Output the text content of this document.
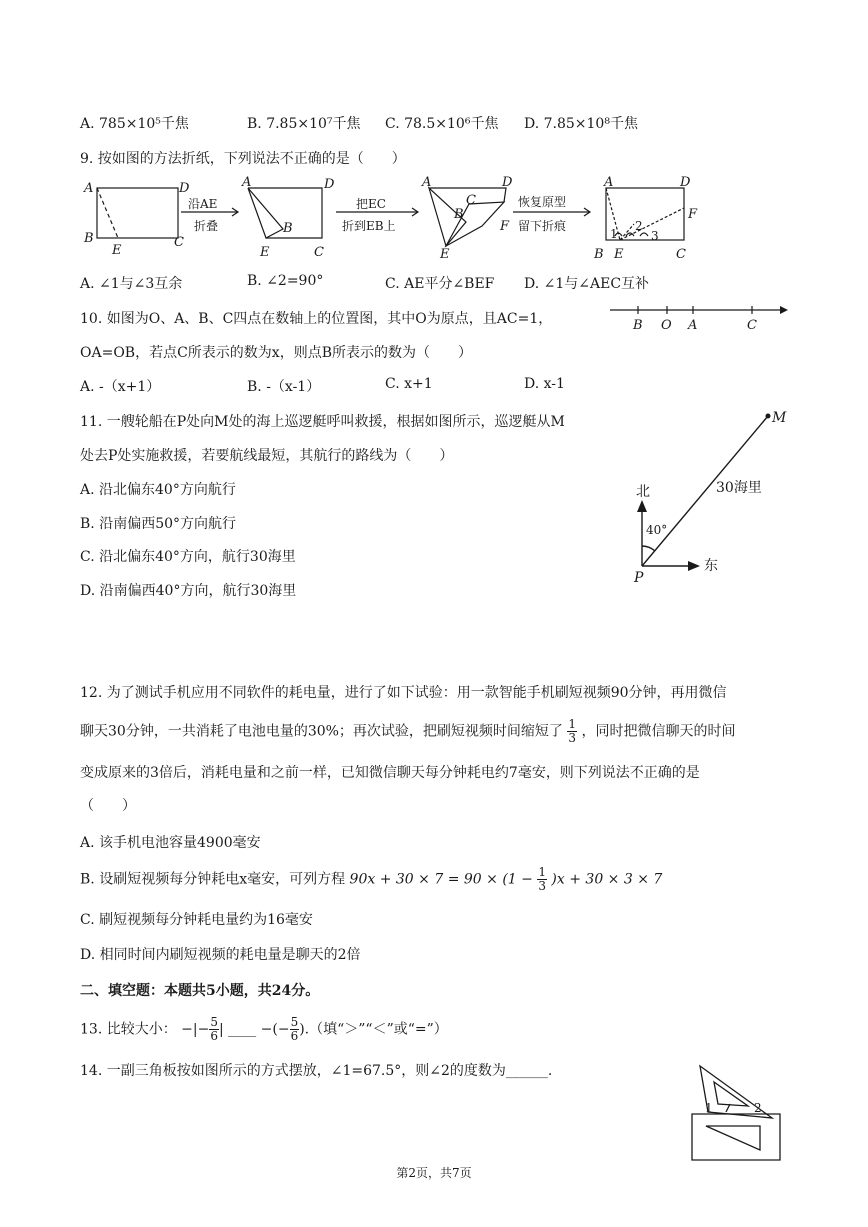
A. 785×10⁵千焦	B. 7.85×10⁷千焦 C. 78.5×10⁶千焦 D. 7.85×10⁸千焦
9. 按如图的方法折纸，下列说法不正确的是（　　）
A	D
B
E
C
A	D
B
E	C
A	D
C
B
F
E
A	D
F
B E	C
1
2
3
沿AE
折叠
把EC
折到EB上
恢复原型
留下折痕
A. ∠1与∠3互余	B. ∠2=90°	C. AE平分∠BEF D. ∠1与∠AEC互补
10. 如图为O、A、B、C四点在数轴上的位置图，其中O为原点，且AC=1，
OA=OB，若点C所表示的数为x，则点B所表示的数为（　　）
B O A	C
A. -（x+1）	B. -（x-1）	C. x+1	D. x-1
11. 一艘轮船在P处向M处的海上巡逻艇呼叫救援，根据如图所示，巡逻艇从M
处去P处实施救援，若要航线最短，其航行的路线为（　　）
A. 沿北偏东40°方向航行
B. 沿南偏西50°方向航行
C. 沿北偏东40°方向，航行30海里
D. 沿南偏西40°方向，航行30海里
北
东
40°
30海里
P
M
12. 为了测试手机应用不同软件的耗电量，进行了如下试验：用一款智能手机刷短视频90分钟，再用微信
聊天30分钟，一共消耗了电池电量的30%；再次试验，把刷短视频时间缩短了 $\frac{1}{3}$ ，同时把微信聊天的时间
变成原来的3倍后，消耗电量和之前一样，已知微信聊天每分钟耗电约7毫安，则下列说法不正确的是
（　　）
A. 该手机电池容量4900毫安
B. 设刷短视频每分钟耗电x毫安，可列方程 $90x + 30 \times 7 = 90 \times (1 - \frac{1}{3} )x + 30 \times 3 \times 7$
C. 刷短视频每分钟耗电量约为16毫安
D. 相同时间内刷短视频的耗电量是聊天的2倍
二、填空题：本题共5小题，共24分。
13. 比较大小： −|− $\frac{5}{6}$ | ____ −(− $\frac{5}{6}$ ).（填“＞”“＜”或“=”）
14. 一副三角板按如图所示的方式摆放，∠1=67.5°，则∠2的度数为______.
1	2
第2页，共7页
